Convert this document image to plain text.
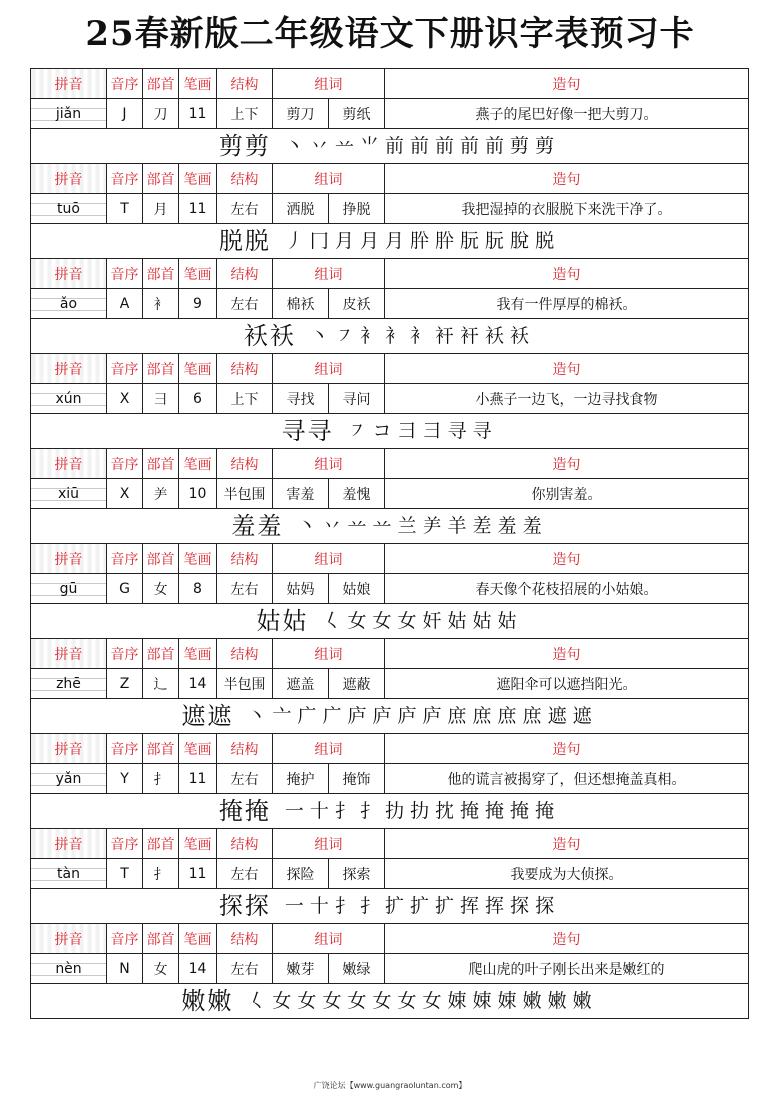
25春新版二年级语文下册识字表预习卡
拼音	音序	部首	笔画	结构	组词		造句
jiǎn	J	刀	11	上下	剪刀	剪纸	燕子的尾巴好像一把大剪刀。
剪剪 丶 丷 䒑 ⺌ 前 前 前 前 前 剪 剪							
拼音	音序	部首	笔画	结构	组词		造句
tuō	T	月	11	左右	洒脱	挣脱	我把湿掉的衣服脱下来洗干净了。
脱脱 丿 冂 月 月 月 肸 肸 朊 朊 脫 脱							
拼音	音序	部首	笔画	结构	组词		造句
ǎo	A	衤	9	左右	棉袄	皮袄	我有一件厚厚的棉袄。
袄袄 丶 ㇇ 衤 衤 衤 衦 衦 袄 袄							
拼音	音序	部首	笔画	结构	组词		造句
xún	X	彐	6	上下	寻找	寻问	小燕子一边飞，一边寻找食物
寻寻 ㇇ コ 彐 彐 寻 寻							
拼音	音序	部首	笔画	结构	组词		造句
xiū	X	⺶	10	半包围	害羞	羞愧	你别害羞。
羞羞 丶 丷 䒑 䒑 兰 ⺶ 羊 差 羞 羞							
拼音	音序	部首	笔画	结构	组词		造句
gū	G	女	8	左右	姑妈	姑娘	春天像个花枝招展的小姑娘。
姑姑 𡿨 女 女 女 奸 姑 姑 姑							
拼音	音序	部首	笔画	结构	组词		造句
zhē	Z	辶	14	半包围	遮盖	遮蔽	遮阳伞可以遮挡阳光。
遮遮 丶 亠 广 广 庐 庐 庐 庐 庶 庶 庶 庶 遮 遮							
拼音	音序	部首	笔画	结构	组词		造句
yǎn	Y	扌	11	左右	掩护	掩饰	他的谎言被揭穿了，但还想掩盖真相。
掩掩 一 十 扌 扌 扐 扐 抌 掩 掩 掩 掩							
拼音	音序	部首	笔画	结构	组词		造句
tàn	T	扌	11	左右	探险	探索	我要成为大侦探。
探探 一 十 扌 扌 扩 扩 扩 挥 挥 探 探							
拼音	音序	部首	笔画	结构	组词		造句
nèn	N	女	14	左右	嫩芽	嫩绿	爬山虎的叶子刚长出来是嫩红的
嫩嫩 𡿨 女 女 女 女 女 女 女 娕 娕 娕 嫩 嫩 嫩							
广饶论坛【www.guangraoluntan.com】
